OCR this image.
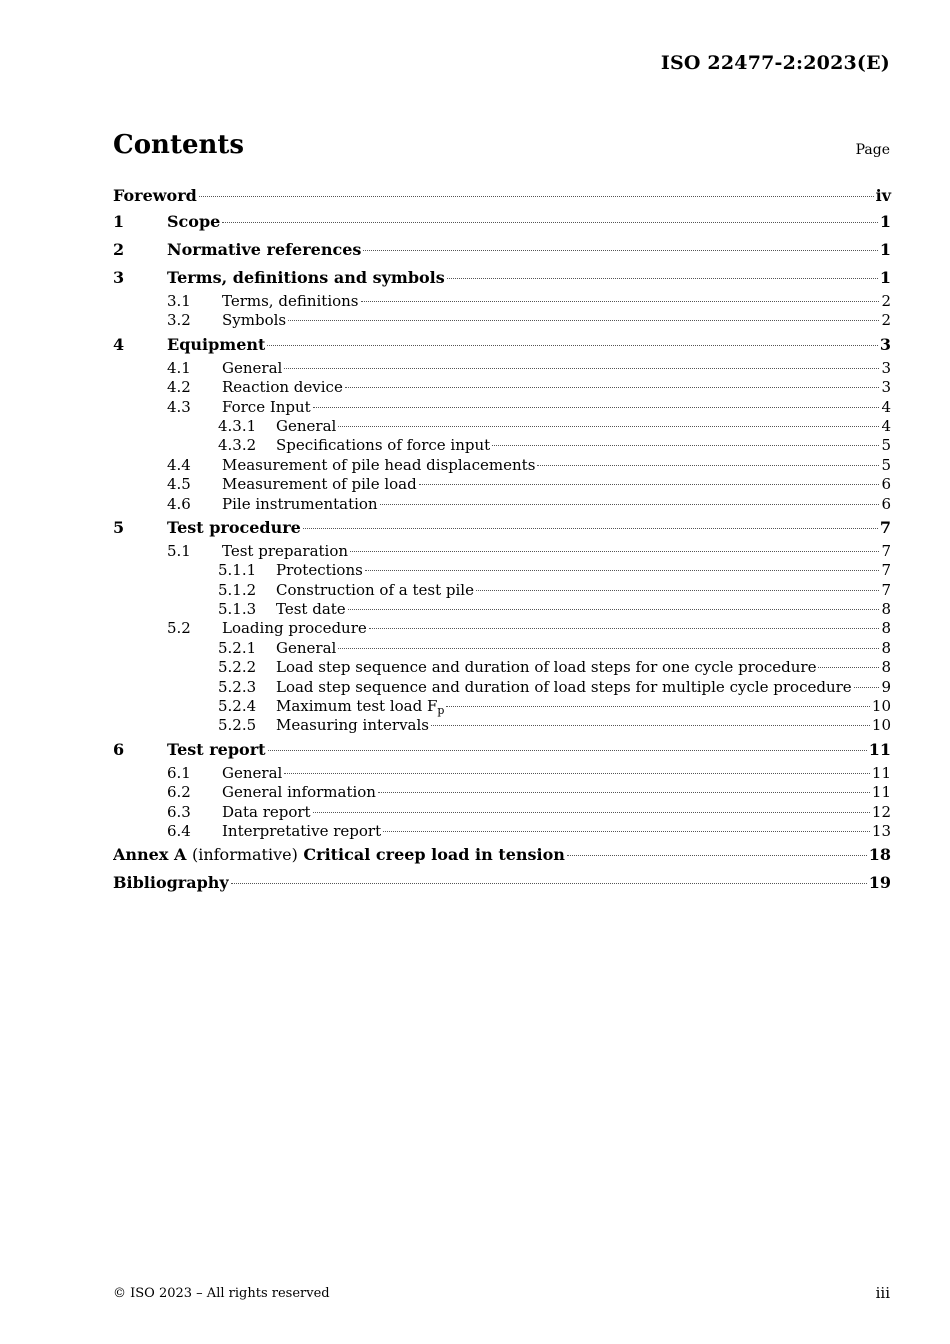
ISO 22477-2:2023(E)
Contents	Page
Foreword	iv
1	Scope	1
2	Normative references	1
3	Terms, definitions and symbols	1
3.1	Terms, definitions	2
3.2	Symbols	2
4	Equipment	3
4.1	General	3
4.2	Reaction device	3
4.3	Force Input	4
4.3.1	General	4
4.3.2	Specifications of force input	5
4.4	Measurement of pile head displacements	5
4.5	Measurement of pile load	6
4.6	Pile instrumentation	6
5	Test procedure	7
5.1	Test preparation	7
5.1.1	Protections	7
5.1.2	Construction of a test pile	7
5.1.3	Test date	8
5.2	Loading procedure	8
5.2.1	General	8
5.2.2	Load step sequence and duration of load steps for one cycle procedure	8
5.2.3	Load step sequence and duration of load steps for multiple cycle procedure 9
5.2.4	Maximum test load $F_p$	10
5.2.5	Measuring intervals	10
6	Test report	11
6.1	General	11
6.2	General information	11
6.3	Data report	12
6.4	Interpretative report	13
Annex A (informative) Critical creep load in tension	18
Bibliography	19
© ISO 2023 – All rights reserved	iii
